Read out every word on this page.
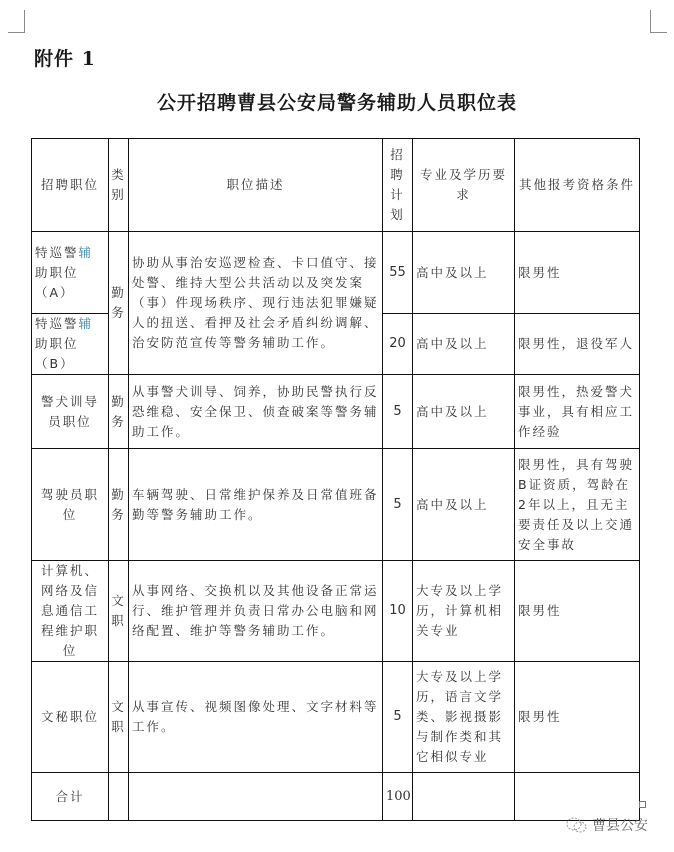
附件 1
公开招聘曹县公安局警务辅助人员职位表
招聘职位	类别	职位描述	招聘计划	专业及学历要求	其他报考资格条件
特巡警辅助职位（A）	勤务	协助从事治安巡逻检查、卡口值守、接处警、维持大型公共活动以及突发案（事）件现场秩序、现行违法犯罪嫌疑人的扭送、看押及社会矛盾纠纷调解、治安防范宣传等警务辅助工作。	55	高中及以上	限男性
特巡警辅助职位（B）			20	高中及以上	限男性，退役军人
警犬训导员职位	勤务	从事警犬训导、饲养，协助民警执行反恐维稳、安全保卫、侦查破案等警务辅助工作。	5	高中及以上	限男性，热爱警犬事业，具有相应工作经验
驾驶员职位	勤务	车辆驾驶、日常维护保养及日常值班备勤等警务辅助工作。	5	高中及以上	限男性，具有驾驶B证资质，驾龄在2年以上，且无主要责任及以上交通安全事故
计算机、网络及信息通信工程维护职位	文职	从事网络、交换机以及其他设备正常运行、维护管理并负责日常办公电脑和网络配置、维护等警务辅助工作。	10	大专及以上学历，计算机相关专业	限男性
文秘职位	文职	从事宣传、视频图像处理、文字材料等工作。	5	大专及以上学历，语言文学类、影视摄影与制作类和其它相似专业	限男性
合计			100		
曹县公安
